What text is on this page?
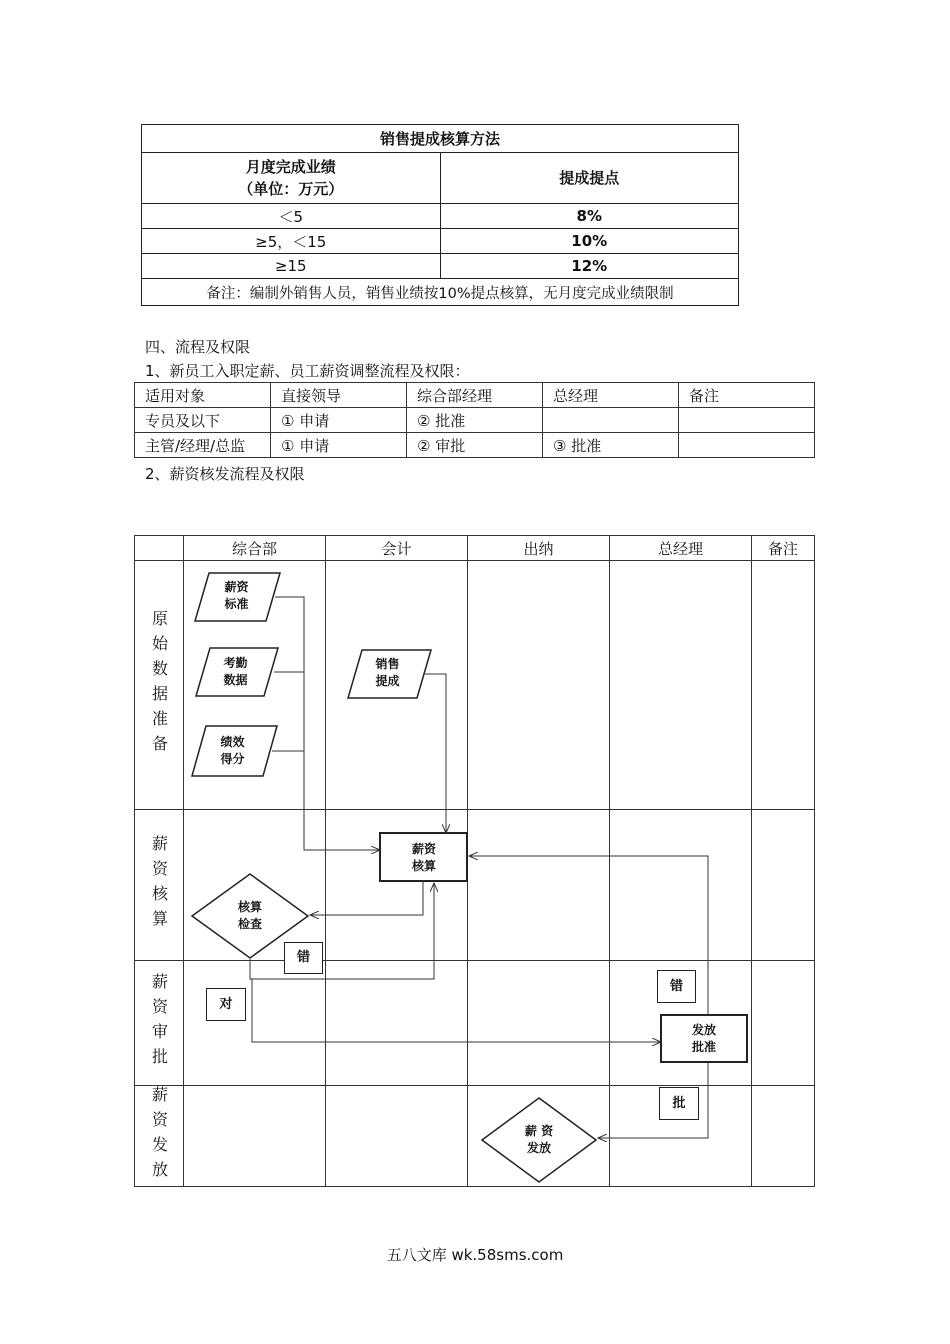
销售提成核算方法	

月度完成业绩
（单位：万元）	提成提点
＜5	8%
≥5，＜15	10%
≥15	12%
备注：编制外销售人员，销售业绩按10%提点核算，无月度完成业绩限制	
四、流程及权限
1、新员工入职定薪、员工薪资调整流程及权限：
适用对象	直接领导	综合部经理	总经理	备注
专员及以下	① 申请	② 批准		
主管/经理/总监	① 申请	② 审批	③ 批准	
2、薪资核发流程及权限
	综合部	会计	出纳	总经理	备注

原始数据准备					

薪资核算					

薪资审批					

薪资发放					

薪资
标准
考勤
数据
绩效
得分
销售
提成
薪资
核算
核算
检查
发放
批准
薪 资
发放
错
对
错
批
五八文库 wk.58sms.com
